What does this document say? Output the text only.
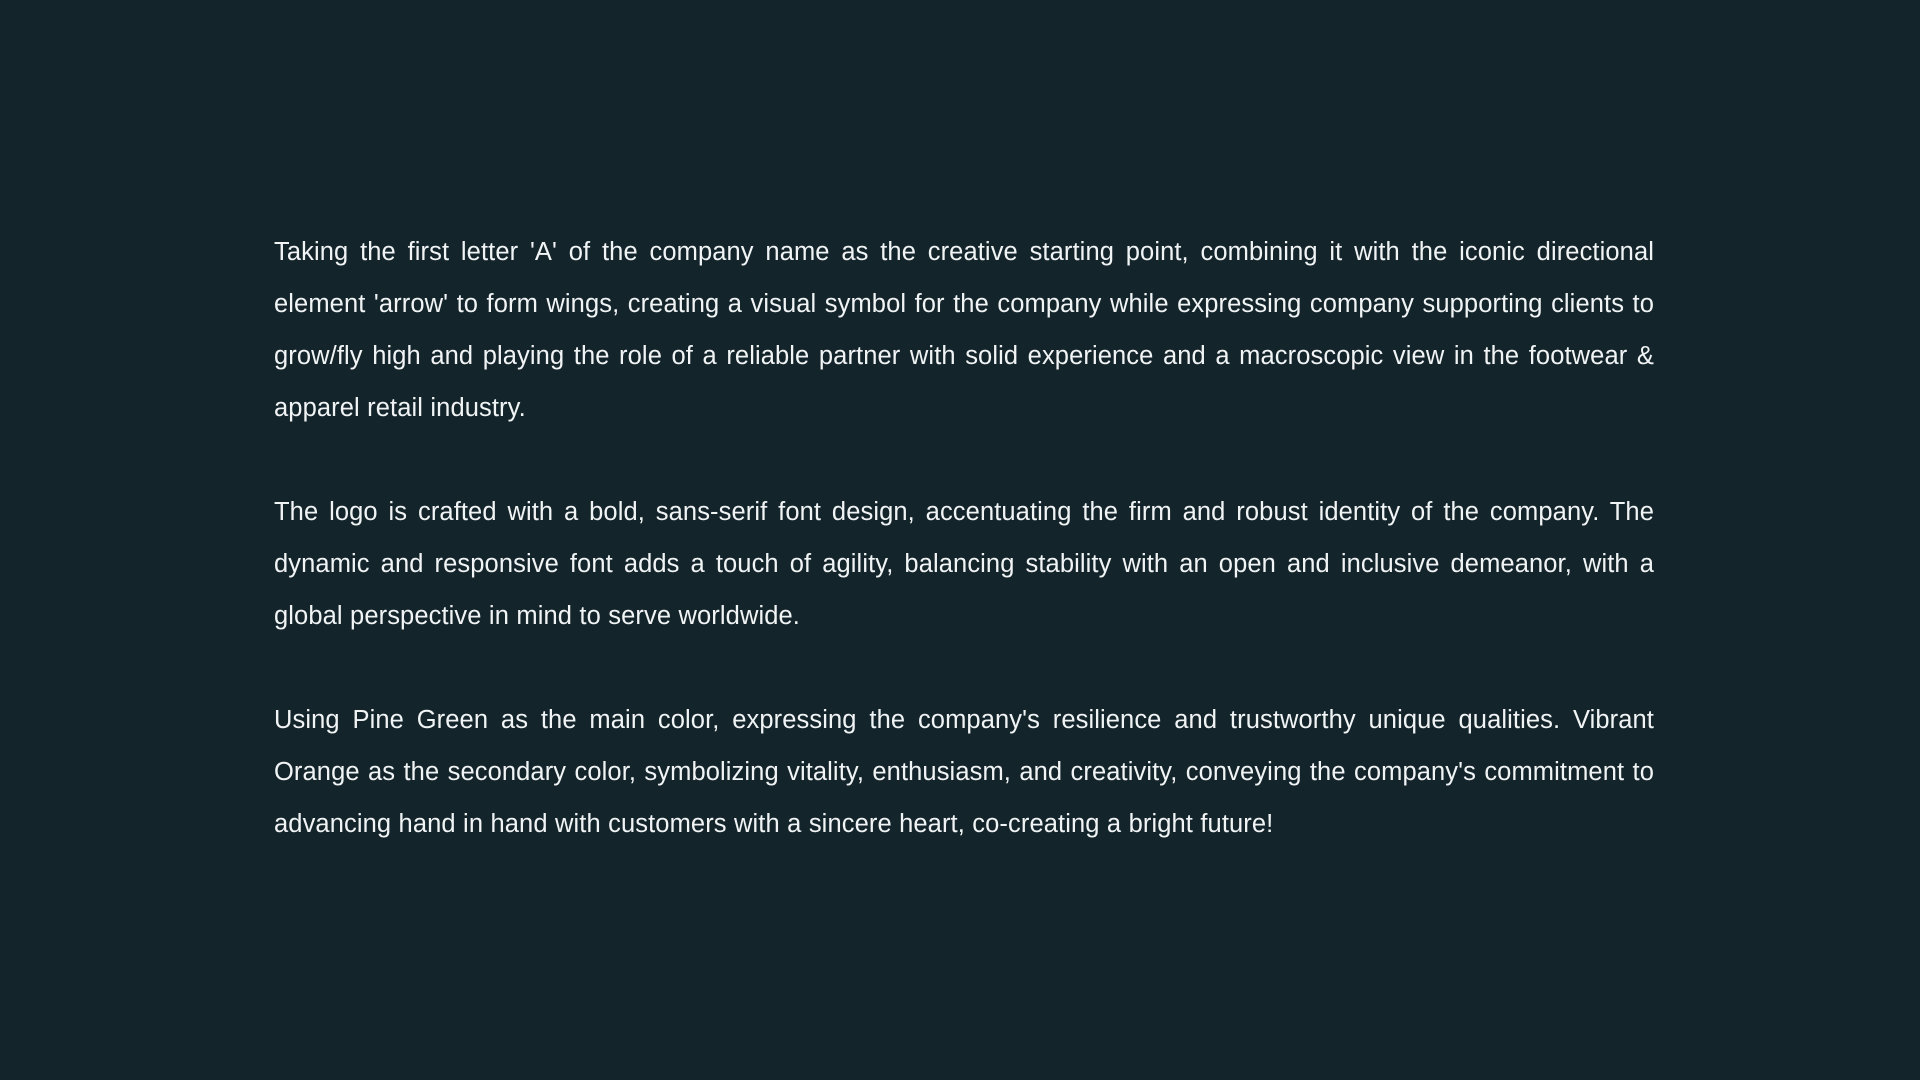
Taking the first letter 'A' of the company name as the creative starting point, combining it with the iconic directional element 'arrow' to form wings, creating a visual symbol for the company while expressing company supporting clients to grow/fly high and playing the role of a reliable partner with solid experience and a macroscopic view in the footwear & apparel retail industry.

The logo is crafted with a bold, sans-serif font design, accentuating the firm and robust identity of the company. The dynamic and responsive font adds a touch of agility, balancing stability with an open and inclusive demeanor, with a global perspective in mind to serve worldwide.

Using Pine Green as the main color, expressing the company's resilience and trustworthy unique qualities. Vibrant Orange as the secondary color, symbolizing vitality, enthusiasm, and creativity, conveying the company's commitment to advancing hand in hand with customers with a sincere heart, co-creating a bright future!
